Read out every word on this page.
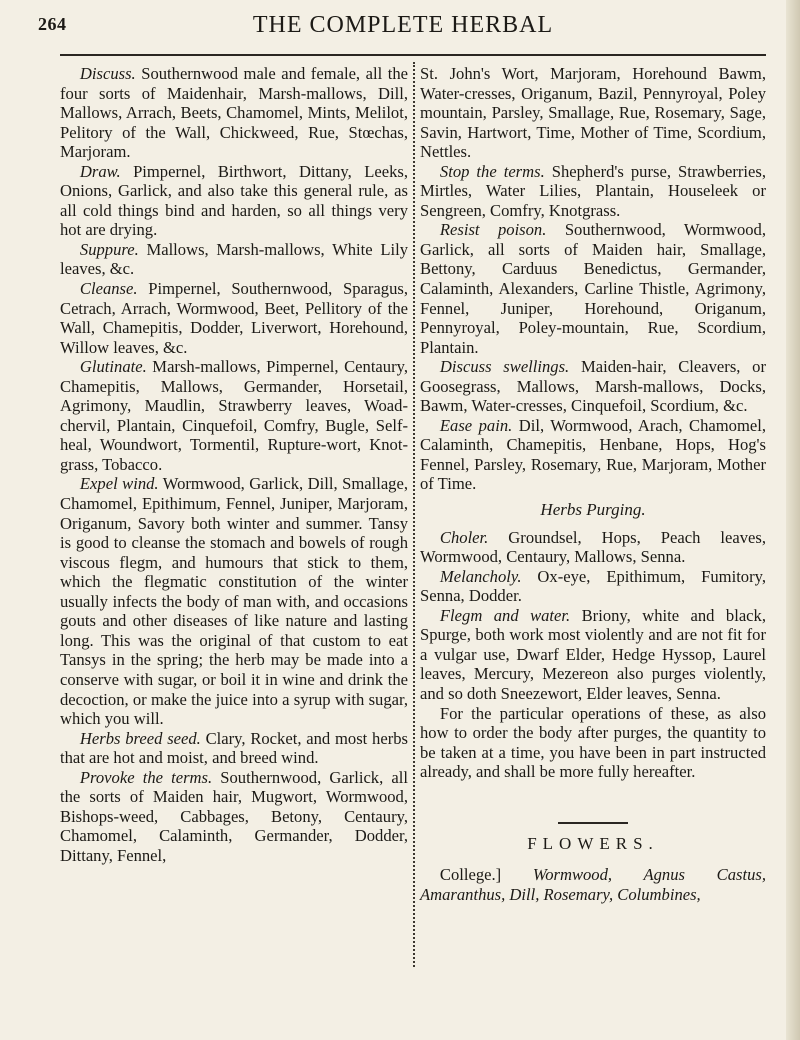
264	THE COMPLETE HERBAL

Discuss. Southernwood male and female, all the four sorts of Maidenhair, Marsh-mallows, Dill, Mallows, Arrach, Beets, Chamomel, Mints, Melilot, Pelitory of the Wall, Chickweed, Rue, Stœchas, Marjoram.

Draw. Pimpernel, Birthwort, Dittany, Leeks, Onions, Garlick, and also take this general rule, as all cold things bind and harden, so all things very hot are drying.

Suppure. Mallows, Marsh-mallows, White Lily leaves, &c.

Cleanse. Pimpernel, Southernwood, Sparagus, Cetrach, Arrach, Wormwood, Beet, Pellitory of the Wall, Chamepitis, Dodder, Liverwort, Horehound, Willow leaves, &c.

Glutinate. Marsh-mallows, Pimpernel, Centaury, Chamepitis, Mallows, Germander, Horsetail, Agrimony, Maudlin, Strawberry leaves, Woad-chervil, Plantain, Cinquefoil, Comfry, Bugle, Self-heal, Woundwort, Tormentil, Rupture-wort, Knot-grass, Tobacco.

Expel wind. Wormwood, Garlick, Dill, Smallage, Chamomel, Epithimum, Fennel, Juniper, Marjoram, Origanum, Savory both winter and summer. Tansy is good to cleanse the stomach and bowels of rough viscous flegm, and humours that stick to them, which the flegmatic constitution of the winter usually infects the body of man with, and occasions gouts and other diseases of like nature and lasting long. This was the original of that custom to eat Tansys in the spring; the herb may be made into a conserve with sugar, or boil it in wine and drink the decoction, or make the juice into a syrup with sugar, which you will.

Herbs breed seed. Clary, Rocket, and most herbs that are hot and moist, and breed wind.

Provoke the terms. Southernwood, Garlick, all the sorts of Maiden hair, Mugwort, Wormwood, Bishops-weed, Cabbages, Betony, Centaury, Chamomel, Calaminth, Germander, Dodder, Dittany, Fennel,

St. John's Wort, Marjoram, Horehound Bawm, Water-cresses, Origanum, Bazil, Pennyroyal, Poley mountain, Parsley, Smallage, Rue, Rosemary, Sage, Savin, Hartwort, Time, Mother of Time, Scordium, Nettles.

Stop the terms. Shepherd's purse, Strawberries, Mirtles, Water Lilies, Plantain, Houseleek or Sengreen, Comfry, Knotgrass.

Resist poison. Southernwood, Wormwood, Garlick, all sorts of Maiden hair, Smallage, Bettony, Carduus Benedictus, Germander, Calaminth, Alexanders, Carline Thistle, Agrimony, Fennel, Juniper, Horehound, Origanum, Pennyroyal, Poley-mountain, Rue, Scordium, Plantain.

Discuss swellings. Maiden-hair, Cleavers, or Goosegrass, Mallows, Marsh-mallows, Docks, Bawm, Water-cresses, Cinquefoil, Scordium, &c.

Ease pain. Dil, Wormwood, Arach, Chamomel, Calaminth, Chamepitis, Henbane, Hops, Hog's Fennel, Parsley, Rosemary, Rue, Marjoram, Mother of Time.

Herbs Purging.

Choler. Groundsel, Hops, Peach leaves, Wormwood, Centaury, Mallows, Senna.

Melancholy. Ox-eye, Epithimum, Fumitory, Senna, Dodder.

Flegm and water. Briony, white and black, Spurge, both work most violently and are not fit for a vulgar use, Dwarf Elder, Hedge Hyssop, Laurel leaves, Mercury, Mezereon also purges violently, and so doth Sneezewort, Elder leaves, Senna.

For the particular operations of these, as also how to order the body after purges, the quantity to be taken at a time, you have been in part instructed already, and shall be more fully hereafter.

FLOWERS.

College.] Wormwood, Agnus Castus, Amaranthus, Dill, Rosemary, Columbines,
